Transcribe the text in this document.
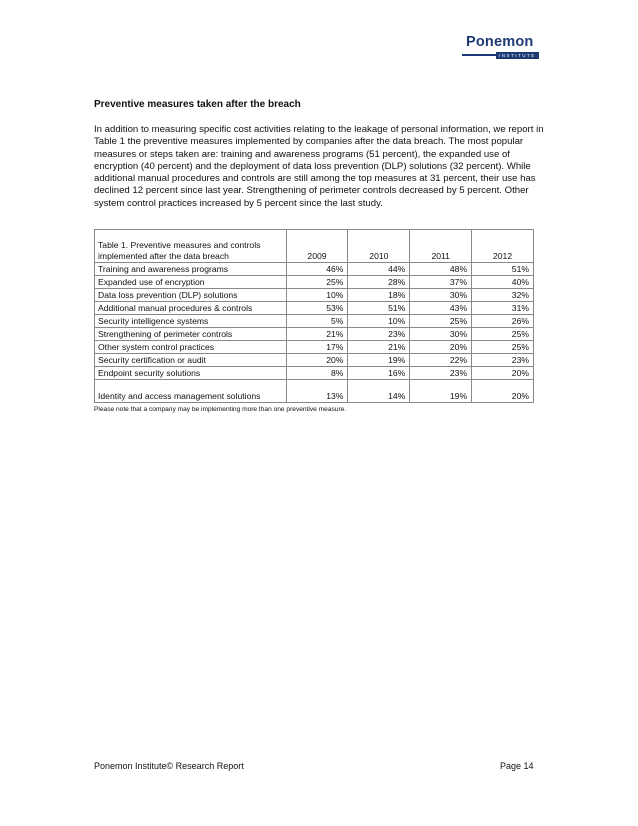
Ponemon
INSTITUTE
Preventive measures taken after the breach
In addition to measuring specific cost activities relating to the leakage of personal information, we report in Table 1 the preventive measures implemented by companies after the data breach. The most popular measures or steps taken are: training and awareness programs (51 percent), the expanded use of encryption (40 percent) and the deployment of data loss prevention (DLP) solutions (32 percent). While additional manual procedures and controls are still among the top measures at 31 percent, their use has declined 12 percent since last year. Strengthening of perimeter controls decreased by 5 percent. Other system control practices increased by 5 percent since the last study.
Table 1. Preventive measures and controls implemented after the data breach	2009	2010	2011	2012
Training and awareness programs	46%	44%	48%	51%
Expanded use of encryption	25%	28%	37%	40%
Data loss prevention (DLP) solutions	10%	18%	30%	32%
Additional manual procedures & controls	53%	51%	43%	31%
Security intelligence systems	5%	10%	25%	26%
Strengthening of perimeter controls	21%	23%	30%	25%
Other system control practices	17%	21%	20%	25%
Security certification or audit	20%	19%	22%	23%
Endpoint security solutions	8%	16%	23%	20%
Identity and access management solutions	13%	14%	19%	20%
Please note that a company may be implementing more than one preventive measure.
Ponemon Institute© Research Report	Page 14
